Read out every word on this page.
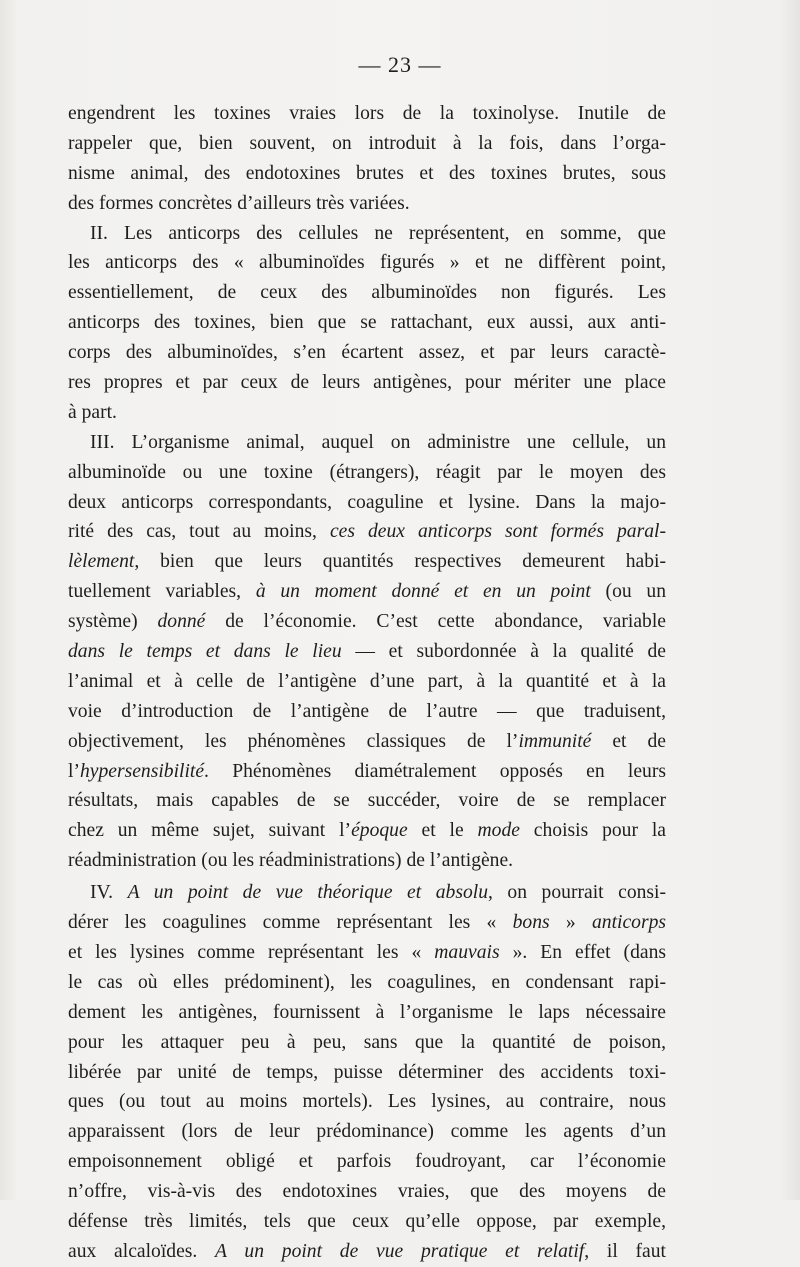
— 23 —
engendrent les toxines vraies lors de la toxinolyse. Inutile de
rappeler que, bien souvent, on introduit à la fois, dans l’orga-
nisme animal, des endotoxines brutes et des toxines brutes, sous
des formes concrètes d’ailleurs très variées.
II. Les anticorps des cellules ne représentent, en somme, que
les anticorps des « albuminoïdes figurés » et ne diffèrent point,
essentiellement, de ceux des albuminoïdes non figurés. Les
anticorps des toxines, bien que se rattachant, eux aussi, aux anti-
corps des albuminoïdes, s’en écartent assez, et par leurs caractè-
res propres et par ceux de leurs antigènes, pour mériter une place
à part.
III. L’organisme animal, auquel on administre une cellule, un
albuminoïde ou une toxine (étrangers), réagit par le moyen des
deux anticorps correspondants, coaguline et lysine. Dans la majo-
rité des cas, tout au moins, ces deux anticorps sont formés paral-
lèlement, bien que leurs quantités respectives demeurent habi-
tuellement variables, à un moment donné et en un point (ou un
système) donné de l’économie. C’est cette abondance, variable
dans le temps et dans le lieu — et subordonnée à la qualité de
l’animal et à celle de l’antigène d’une part, à la quantité et à la
voie d’introduction de l’antigène de l’autre — que traduisent,
objectivement, les phénomènes classiques de l’immunité et de
l’hypersensibilité. Phénomènes diamétralement opposés en leurs
résultats, mais capables de se succéder, voire de se remplacer
chez un même sujet, suivant l’époque et le mode choisis pour la
réadministration (ou les réadministrations) de l’antigène.
IV. A un point de vue théorique et absolu, on pourrait consi-
dérer les coagulines comme représentant les « bons » anticorps
et les lysines comme représentant les « mauvais ». En effet (dans
le cas où elles prédominent), les coagulines, en condensant rapi-
dement les antigènes, fournissent à l’organisme le laps nécessaire
pour les attaquer peu à peu, sans que la quantité de poison,
libérée par unité de temps, puisse déterminer des accidents toxi-
ques (ou tout au moins mortels). Les lysines, au contraire, nous
apparaissent (lors de leur prédominance) comme les agents d’un
empoisonnement obligé et parfois foudroyant, car l’économie
n’offre, vis-à-vis des endotoxines vraies, que des moyens de
défense très limités, tels que ceux qu’elle oppose, par exemple,
aux alcaloïdes. A un point de vue pratique et relatif, il faut
